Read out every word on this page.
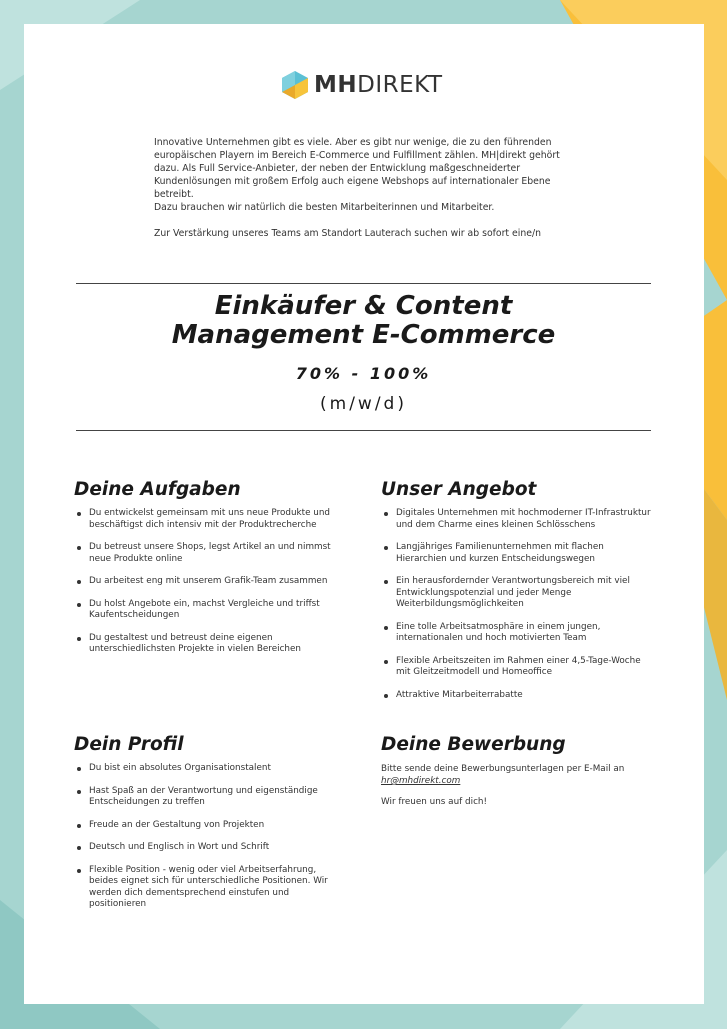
MHDIREKT

Innovative Unternehmen gibt es viele. Aber es gibt nur wenige, die zu den führenden europäischen Playern im Bereich E-Commerce und Fulfillment zählen. MH|direkt gehört dazu. Als Full Service-Anbieter, der neben der Entwicklung maßgeschneiderter Kundenlösungen mit großem Erfolg auch eigene Webshops auf internationaler Ebene betreibt.

Dazu brauchen wir natürlich die besten Mitarbeiterinnen und Mitarbeiter.

Zur Verstärkung unseres Teams am Standort Lauterach suchen wir ab sofort eine/n

Einkäufer & Content
Management E-Commerce
70% - 100%
(m/w/d)
Deine Aufgaben
Du entwickelst gemeinsam mit uns neue Produkte und beschäftigst dich intensiv mit der Produktrecherche
Du betreust unsere Shops, legst Artikel an und nimmst neue Produkte online
Du arbeitest eng mit unserem Grafik-Team zusammen
Du holst Angebote ein, machst Vergleiche und triffst Kaufentscheidungen
Du gestaltest und betreust deine eigenen unterschiedlichsten Projekte in vielen Bereichen
Unser Angebot
Digitales Unternehmen mit hochmoderner IT-Infrastruktur und dem Charme eines kleinen Schlösschens
Langjähriges Familienunternehmen mit flachen Hierarchien und kurzen Entscheidungswegen
Ein herausfordernder Verantwortungsbereich mit viel Entwicklungspotenzial und jeder Menge Weiterbildungsmöglichkeiten
Eine tolle Arbeitsatmosphäre in einem jungen, internationalen und hoch motivierten Team
Flexible Arbeitszeiten im Rahmen einer 4,5-Tage-Woche mit Gleitzeitmodell und Homeoffice
Attraktive Mitarbeiterrabatte
Dein Profil
Du bist ein absolutes Organisationstalent
Hast Spaß an der Verantwortung und eigenständige Entscheidungen zu treffen
Freude an der Gestaltung von Projekten
Deutsch und Englisch in Wort und Schrift
Flexible Position - wenig oder viel Arbeitserfahrung, beides eignet sich für unterschiedliche Positionen. Wir werden dich dementsprechend einstufen und positionieren
Deine Bewerbung

Bitte sende deine Bewerbungsunterlagen per E-Mail an hr@mhdirekt.com

Wir freuen uns auf dich!
